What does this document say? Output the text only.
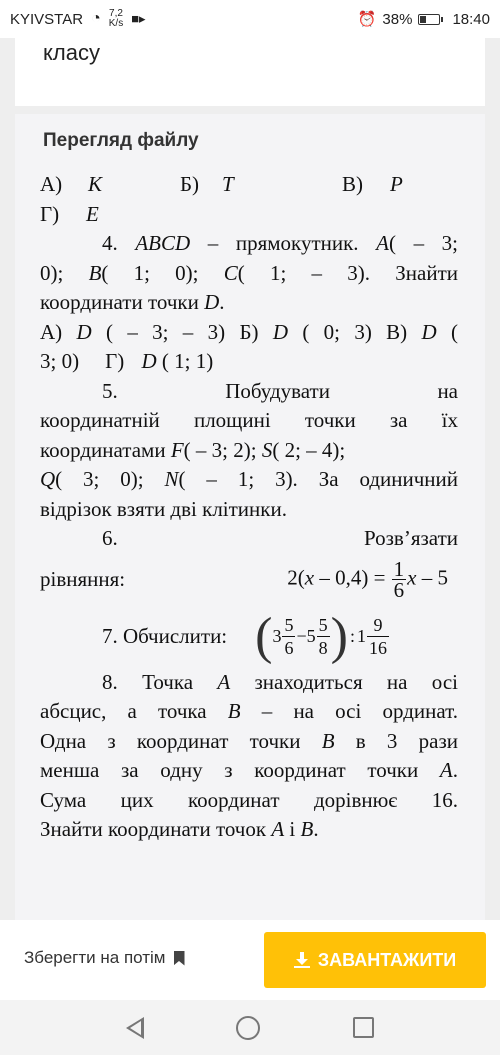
KYIVSTAR ◔ 7,2
K/s ■▸	⏰ 38%	18:40
класу
Перегляд файлу
А) K	Б) T	В) P
Г) E
4. ABCD – прямокутник. A( – 3;
0); B( 1; 0); C( 1; – 3). Знайти
координати точки D.
А) D ( – 3; – 3) Б) D ( 0; 3) В) D (
3; 0) Г) D ( 1; 1)
5.	Побудувати	на
координатній площині точки за їх
координатами F( – 3; 2); S( 2; – 4);
Q( 3; 0); N( – 1; 3). За одиничний
відрізок взяти дві клітинки.
6.	Розв’язати
рівняння:	$2(x - 0,4) = \frac{1}{6}$ x – 5
7. Обчислити: ( $3 \frac{5}{6} - 5 \frac{5}{8}$ ) : $1 \frac{9}{16}$
8. Точка A знаходиться на осі
абсцис, а точка B – на осі ординат.
Одна з координат точки B в 3 рази
менша за одну з координат точки A.
Сума цих координат дорівнює 16.
Знайти координати точок A і B.
Зберегти на потім	ЗАВАНТАЖИТИ
